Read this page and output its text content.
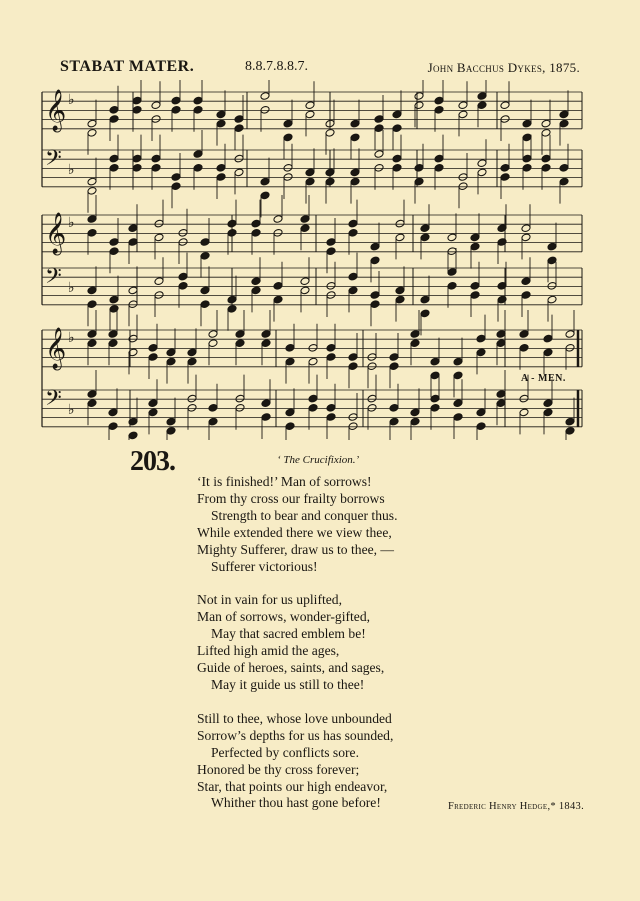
STABAT MATER.	8.8.7.8.8.7.	John Bacchus Dykes, 1875.
𝄞 ♭
𝄢 ♭
𝄞 ♭
𝄢 ♭
𝄞 ♭
𝄢 ♭
A - MEN.
203.	‘ The Crucifixion.’
‘It is finished!’ Man of sorrows!
From thy cross our frailty borrows
Strength to bear and conquer thus.
While extended there we view thee,
Mighty Sufferer, draw us to thee, —
Sufferer victorious!
Not in vain for us uplifted,
Man of sorrows, wonder-gifted,
May that sacred emblem be!
Lifted high amid the ages,
Guide of heroes, saints, and sages,
May it guide us still to thee!
Still to thee, whose love unbounded
Sorrow’s depths for us has sounded,
Perfected by conflicts sore.
Honored be thy cross forever;
Star, that points our high endeavor,
Whither thou hast gone before!	Frederic Henry Hedge,* 1843.
